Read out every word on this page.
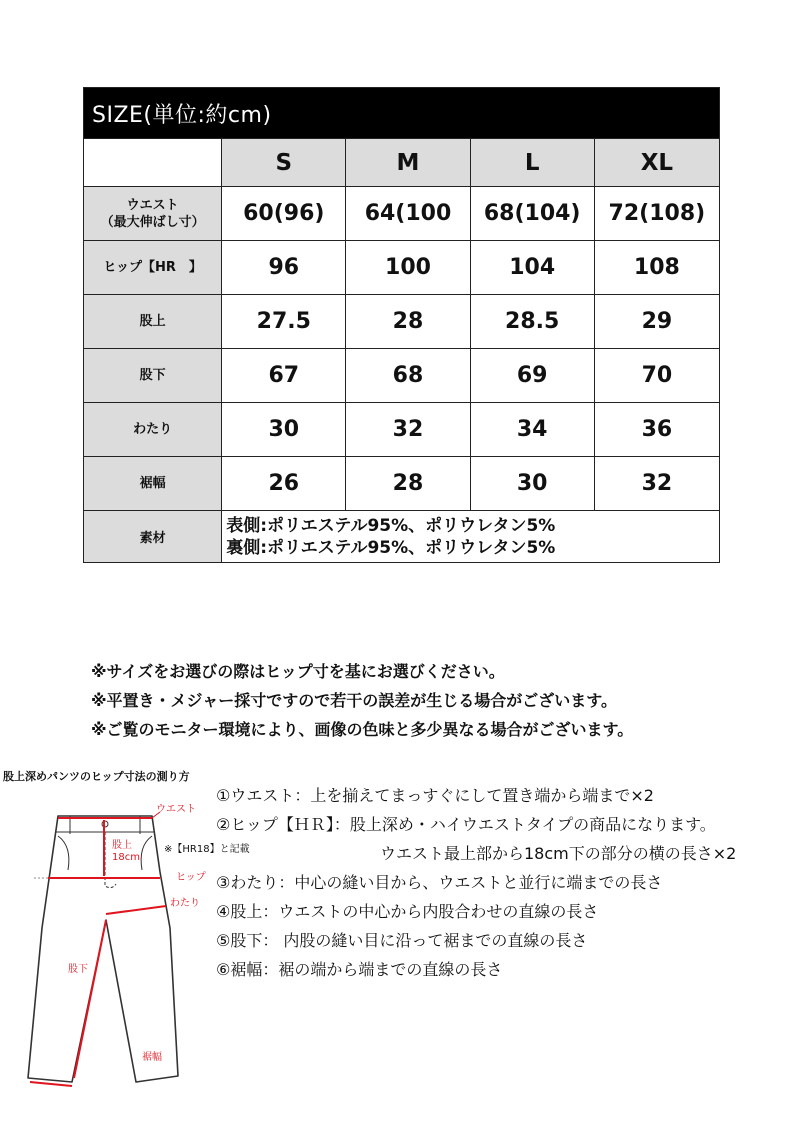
SIZE(単位:約cm)				
	S	M	L	XL
ウエスト
（最大伸ばし寸）	60(96)	64(100	68(104)	72(108)
ヒップ【HR　】	96	100	104	108
股上	27.5	28	28.5	29
股下	67	68	69	70
わたり	30	32	34	36
裾幅	26	28	30	32
素材	表側:ポリエステル95%、ポリウレタン5%
裏側:ポリエステル95%、ポリウレタン5%			
※サイズをお選びの際はヒップ寸を基にお選びください。
※平置き・メジャー採寸ですので若干の誤差が生じる場合がございます。
※ご覧のモニター環境により、画像の色味と多少異なる場合がございます。
股上深めパンツのヒップ寸法の測り方
ウエスト
股上
18cm
※【HR18】と記載
ヒップ
わたり
股下
裾幅
①ウエスト：上を揃えてまっすぐにして置き端から端まで×2
②ヒップ【ＨＲ】：股上深め・ハイウエストタイプの商品になります。
ウエスト最上部から18cm下の部分の横の長さ×2
③わたり：中心の縫い目から、ウエストと並行に端までの長さ
④股上：ウエストの中心から内股合わせの直線の長さ
⑤股下： 内股の縫い目に沿って裾までの直線の長さ
⑥裾幅：裾の端から端までの直線の長さ
